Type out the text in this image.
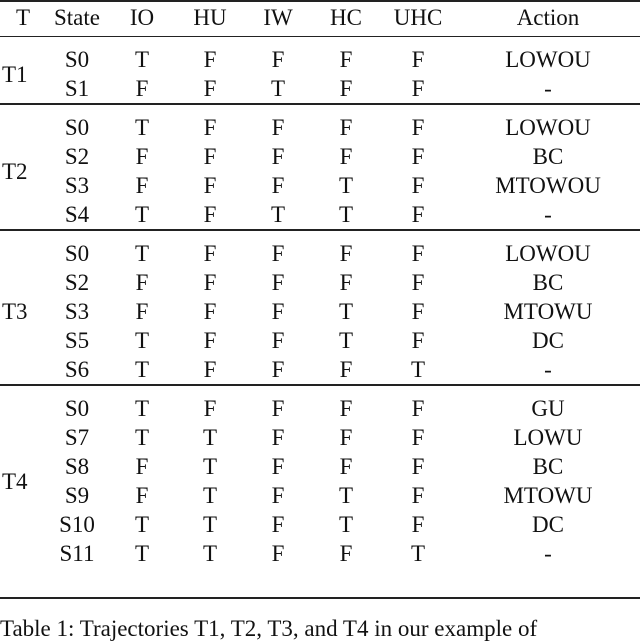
T	State	IO	HU	IW	HC	UHC	Action
T1	S0	T	F	F	F	F	LOWOU
	S1	F	F	T	F	F	-
T2	S0	T	F	F	F	F	LOWOU
	S2	F	F	F	F	F	BC
	S3	F	F	F	T	F	MTOWOU
	S4	T	F	T	T	F	-
T3	S0	T	F	F	F	F	LOWOU
	S2	F	F	F	F	F	BC
	S3	F	F	F	T	F	MTOWU
	S5	T	F	F	T	F	DC
	S6	T	F	F	F	T	-
T4	S0	T	F	F	F	F	GU
	S7	T	T	F	F	F	LOWU
	S8	F	T	F	F	F	BC
	S9	F	T	F	T	F	MTOWU
	S10	T	T	F	T	F	DC
	S11	T	T	F	F	T	-
Table 1: Trajectories T1, T2, T3, and T4 in our example of
